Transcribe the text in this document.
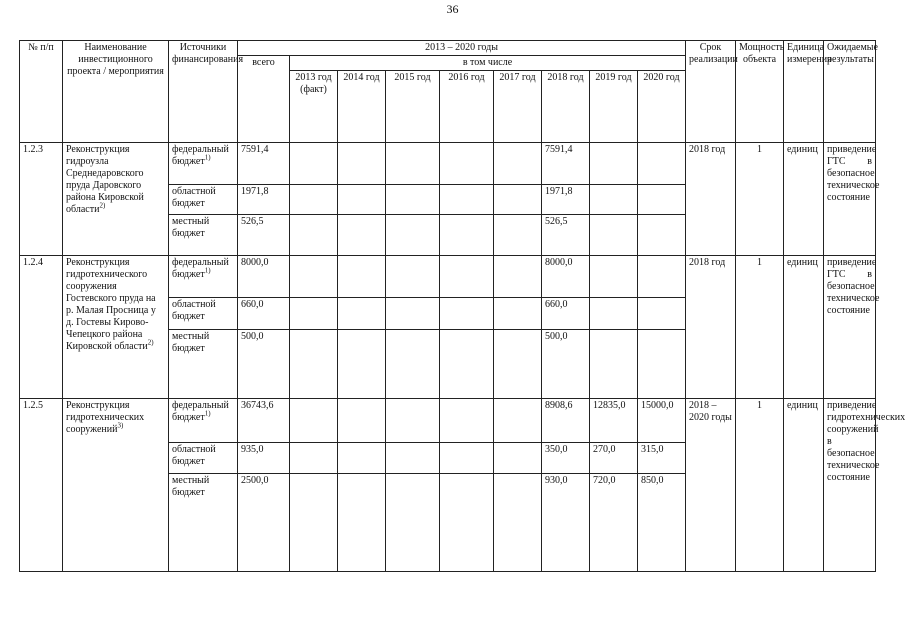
36
№ п/п	Наименование инвестиционного проекта / мероприятия	Источники финансирования	2013 – 2020 годы									Срок реализации	Мощность объекта	Единица измерения	Ожидаемые результаты
			всего	в том числе											
				2013 год (факт)	2014 год	2015 год	2016 год	2017 год	2018 год	2019 год	2020 год				
1.2.3	Реконструкция гидроузла Среднедаровского пруда Даровского района Кировской области$^{2)}$	федеральный бюджет$^{1)}$	7591,4						7591,4			2018 год	1	единиц	приведение ГТС в безопасное техническое состояние
		областной бюджет	1971,8						1971,8						
		местный бюджет	526,5						526,5						
1.2.4	Реконструкция гидротехнического сооружения Гостевского пруда на р. Малая Просница у д. Гостевы Кирово-Чепецкого района Кировской области$^{2)}$	федеральный бюджет$^{1)}$	8000,0						8000,0			2018 год	1	единиц	приведение ГТС в безопасное техническое состояние
		областной бюджет	660,0						660,0						
		местный бюджет	500,0						500,0						
1.2.5	Реконструкция гидротехнических сооружений$^{3)}$	федеральный бюджет$^{1)}$	36743,6						8908,6	12835,0	15000,0	2018 – 2020 годы	1	единиц	приведение гидротехнических сооружений в безопасное техническое состояние
		областной бюджет	935,0						350,0	270,0	315,0				
		местный бюджет	2500,0						930,0	720,0	850,0				
